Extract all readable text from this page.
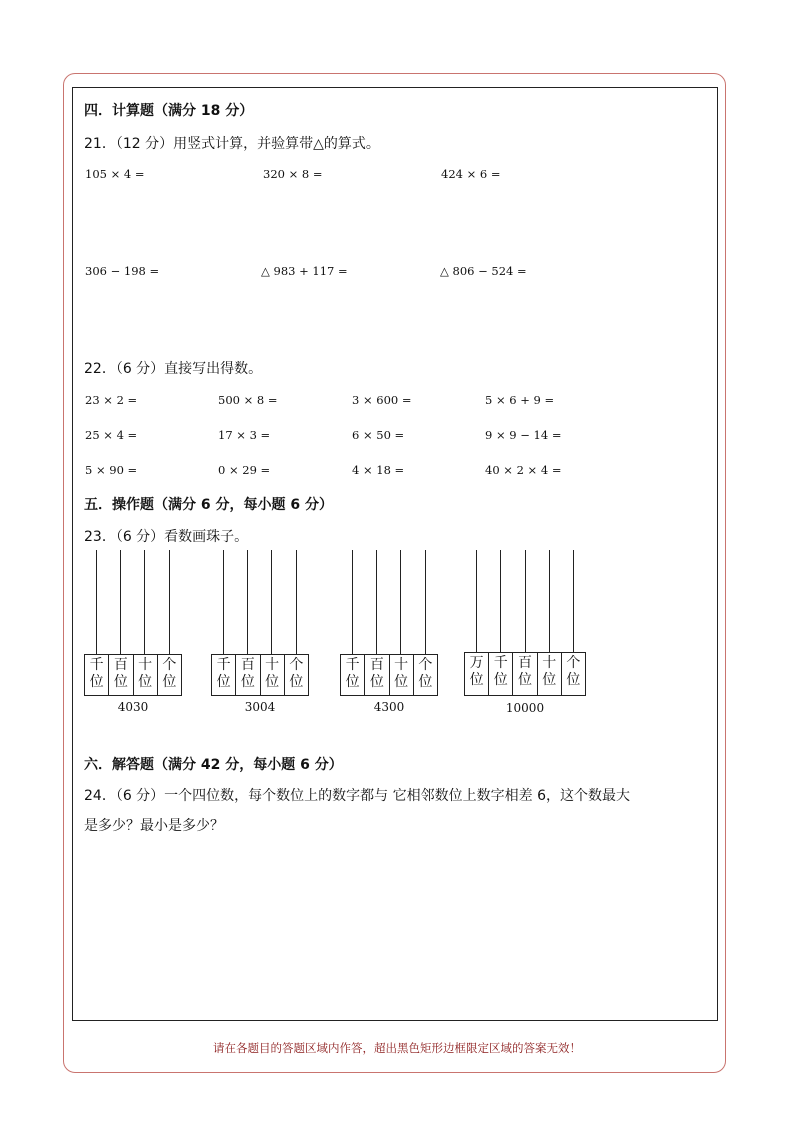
四．计算题（满分 18 分）
21．（12 分）用竖式计算，并验算带△的算式。
105 × 4 =	320 × 8 =	424 × 6 =
306 − 198 =	△ 983 + 117 =	△ 806 − 524 =
22．（6 分）直接写出得数。
23 × 2 =	500 × 8 =	3 × 600 =	5 × 6 + 9 =
25 × 4 =	17 × 3 =	6 × 50 =	9 × 9 − 14 =
5 × 90 =	0 × 29 =	4 × 18 =	40 × 2 × 4 =
五．操作题（满分 6 分，每小题 6 分）
23．（6 分）看数画珠子。
千
位
百
位
十
位
个
位
4030
千
位
百
位
十
位
个
位
3004
千
位
百
位
十
位
个
位
4300
万
位
千
位
百
位
十
位
个
位
10000
六．解答题（满分 42 分，每小题 6 分）
24．（6 分）一个四位数，每个数位上的数字都与 它相邻数位上数字相差 6，这个数最大
是多少？最小是多少？
请在各题目的答题区域内作答，超出黑色矩形边框限定区域的答案无效！
